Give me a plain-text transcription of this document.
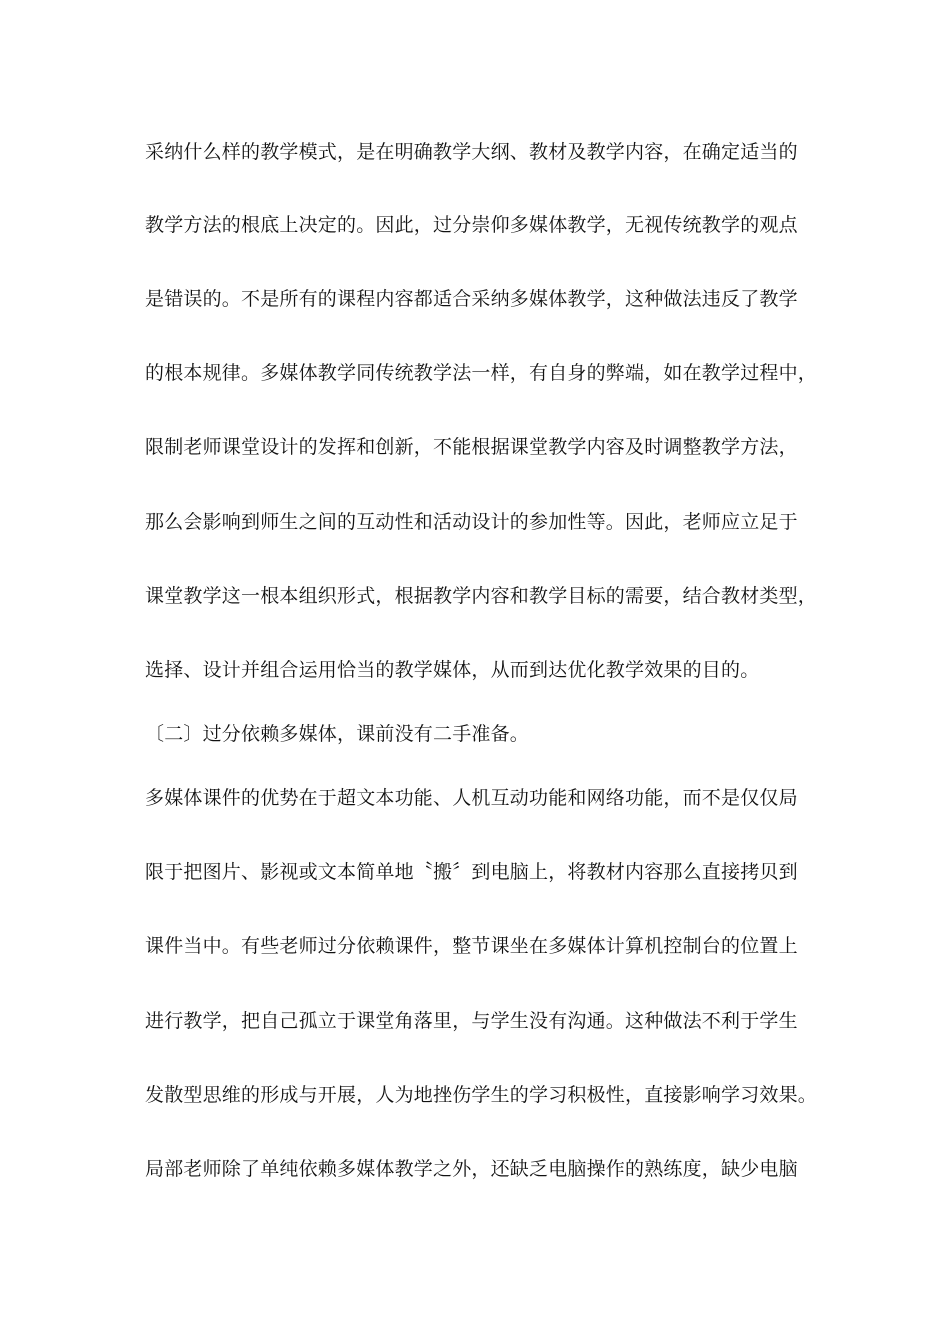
采纳什么样的教学模式，是在明确教学大纲、教材及教学内容，在确定适当的
教学方法的根底上决定的。因此，过分崇仰多媒体教学，无视传统教学的观点
是错误的。不是所有的课程内容都适合采纳多媒体教学，这种做法违反了教学
的根本规律。多媒体教学同传统教学法一样，有自身的弊端，如在教学过程中，
限制老师课堂设计的发挥和创新，不能根据课堂教学内容及时调整教学方法，
那么会影响到师生之间的互动性和活动设计的参加性等。因此，老师应立足于
课堂教学这一根本组织形式，根据教学内容和教学目标的需要，结合教材类型，
选择、设计并组合运用恰当的教学媒体，从而到达优化教学效果的目的。
〔二〕过分依赖多媒体，课前没有二手准备。
多媒体课件的优势在于超文本功能、人机互动功能和网络功能，而不是仅仅局
限于把图片、影视或文本简单地〝搬〞到电脑上，将教材内容那么直接拷贝到
课件当中。有些老师过分依赖课件，整节课坐在多媒体计算机控制台的位置上
进行教学，把自己孤立于课堂角落里，与学生没有沟通。这种做法不利于学生
发散型思维的形成与开展，人为地挫伤学生的学习积极性，直接影响学习效果。
局部老师除了单纯依赖多媒体教学之外，还缺乏电脑操作的熟练度，缺少电脑
